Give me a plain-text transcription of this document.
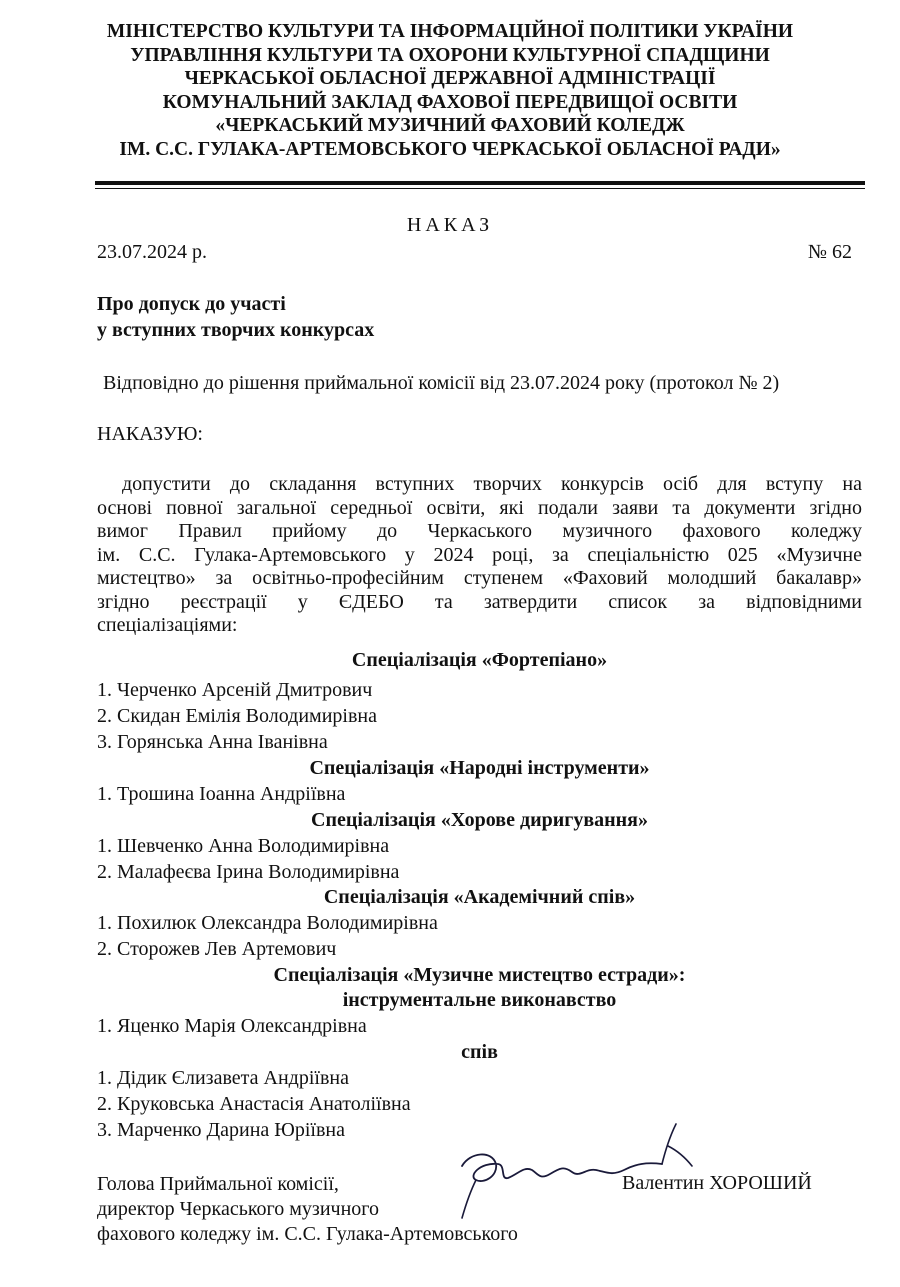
МІНІСТЕРСТВО КУЛЬТУРИ ТА ІНФОРМАЦІЙНОЇ ПОЛІТИКИ УКРАЇНИ
УПРАВЛІННЯ КУЛЬТУРИ ТА ОХОРОНИ КУЛЬТУРНОЇ СПАДЩИНИ
ЧЕРКАСЬКОЇ ОБЛАСНОЇ ДЕРЖАВНОЇ АДМІНІСТРАЦІЇ
КОМУНАЛЬНИЙ ЗАКЛАД ФАХОВОЇ ПЕРЕДВИЩОЇ ОСВІТИ
«ЧЕРКАСЬКИЙ МУЗИЧНИЙ ФАХОВИЙ КОЛЕДЖ
ІМ. С.С. ГУЛАКА-АРТЕМОВСЬКОГО ЧЕРКАСЬКОЇ ОБЛАСНОЇ РАДИ»
НАКАЗ
23.07.2024 р.	№ 62
Про допуск до участі
у вступних творчих конкурсах
Відповідно до рішення приймальної комісії від 23.07.2024 року (протокол № 2)
НАКАЗУЮ:
допустити до складання вступних творчих конкурсів осіб для вступу на
основі повної загальної середньої освіти, які подали заяви та документи згідно
вимог Правил прийому до Черкаського музичного фахового коледжу
ім. С.С. Гулака-Артемовського у 2024 році, за спеціальністю 025 «Музичне
мистецтво» за освітньо-професійним ступенем «Фаховий молодший бакалавр»
згідно реєстрації у ЄДЕБО та затвердити список за відповідними
спеціалізаціями:
Спеціалізація «Фортепіано»
1. Черченко Арсеній Дмитрович
2. Скидан Емілія Володимирівна
3. Горянська Анна Іванівна
Спеціалізація «Народні інструменти»
1. Трошина Іоанна Андріївна
Спеціалізація «Хорове диригування»
1. Шевченко Анна Володимирівна
2. Малафеєва Ірина Володимирівна
Спеціалізація «Академічний спів»
1. Похилюк Олександра Володимирівна
2. Сторожев Лев Артемович
Спеціалізація «Музичне мистецтво естради»:
інструментальне виконавство
1. Яценко Марія Олександрівна
спів
1. Дідик Єлизавета Андріївна
2. Круковська Анастасія Анатоліївна
3. Марченко Дарина Юріївна
Голова Приймальної комісії,
директор Черкаського музичного
фахового коледжу ім. С.С. Гулака-Артемовського
Валентин ХОРОШИЙ
